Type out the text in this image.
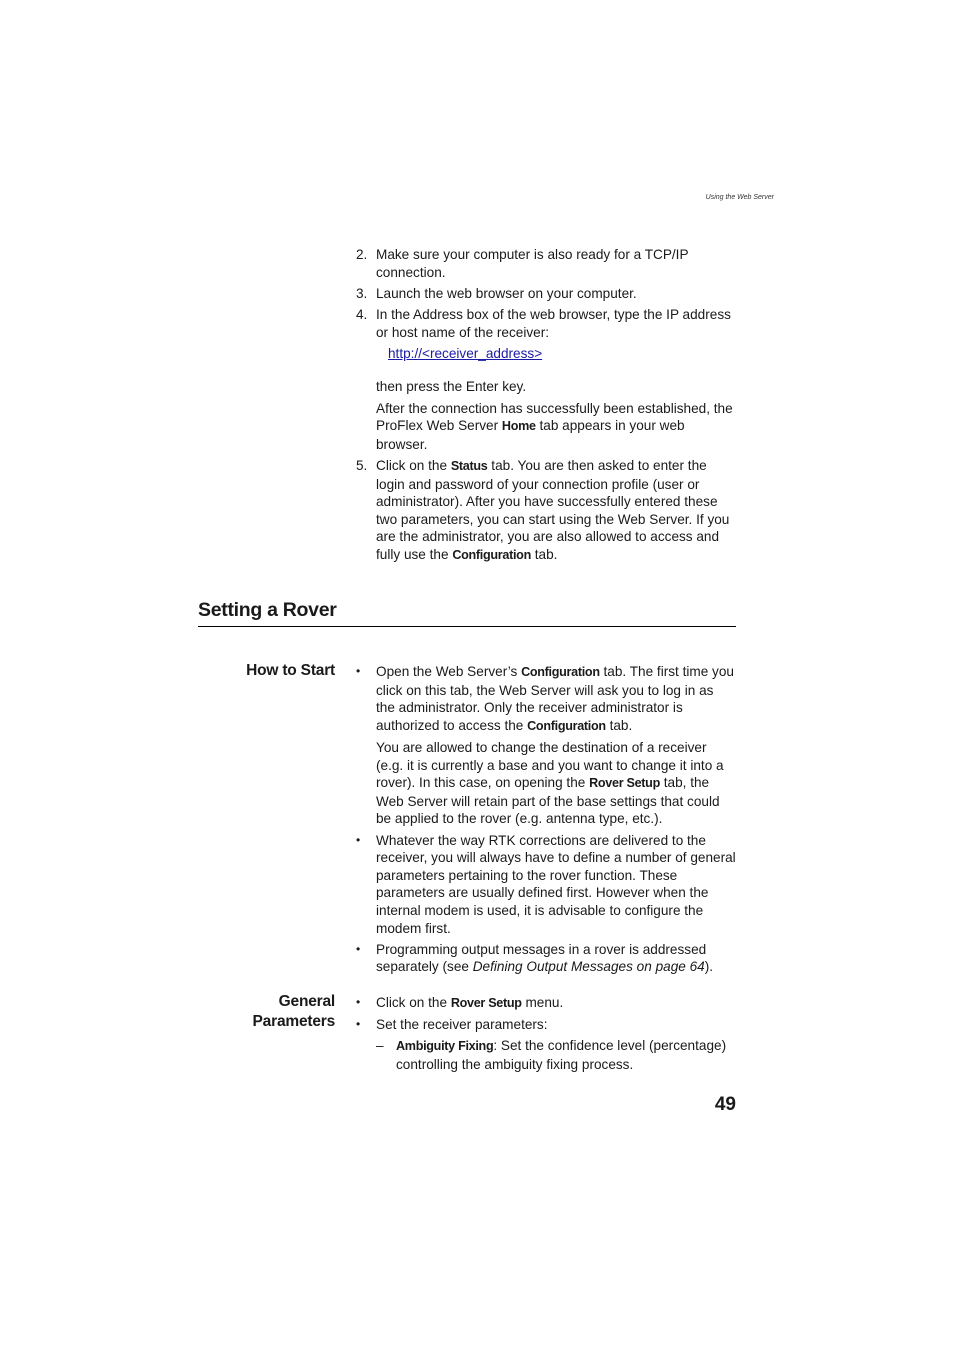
Using the Web Server
2. Make sure your computer is also ready for a TCP/IP connection.
3. Launch the web browser on your computer.
4. In the Address box of the web browser, type the IP address or host name of the receiver:
http://<receiver_address>
then press the Enter key.
After the connection has successfully been established, the ProFlex Web Server Home tab appears in your web browser.
5. Click on the Status tab. You are then asked to enter the login and password of your connection profile (user or administrator). After you have successfully entered these two parameters, you can start using the Web Server. If you are the administrator, you are also allowed to access and fully use the Configuration tab.
Setting a Rover
How to Start • Open the Web Server’s Configuration tab. The first time you click on this tab, the Web Server will ask you to log in as the administrator. Only the receiver administrator is authorized to access the Configuration tab.
You are allowed to change the destination of a receiver (e.g. it is currently a base and you want to change it into a rover). In this case, on opening the Rover Setup tab, the Web Server will retain part of the base settings that could be applied to the rover (e.g. antenna type, etc.).
• Whatever the way RTK corrections are delivered to the receiver, you will always have to define a number of general parameters pertaining to the rover function. These parameters are usually defined first. However when the internal modem is used, it is advisable to configure the modem first.
• Programming output messages in a rover is addressed separately (see Defining Output Messages on page 64).
General
Parameters
• Click on the Rover Setup menu.
• Set the receiver parameters:
– Ambiguity Fixing: Set the confidence level (percentage) controlling the ambiguity fixing process.
49
